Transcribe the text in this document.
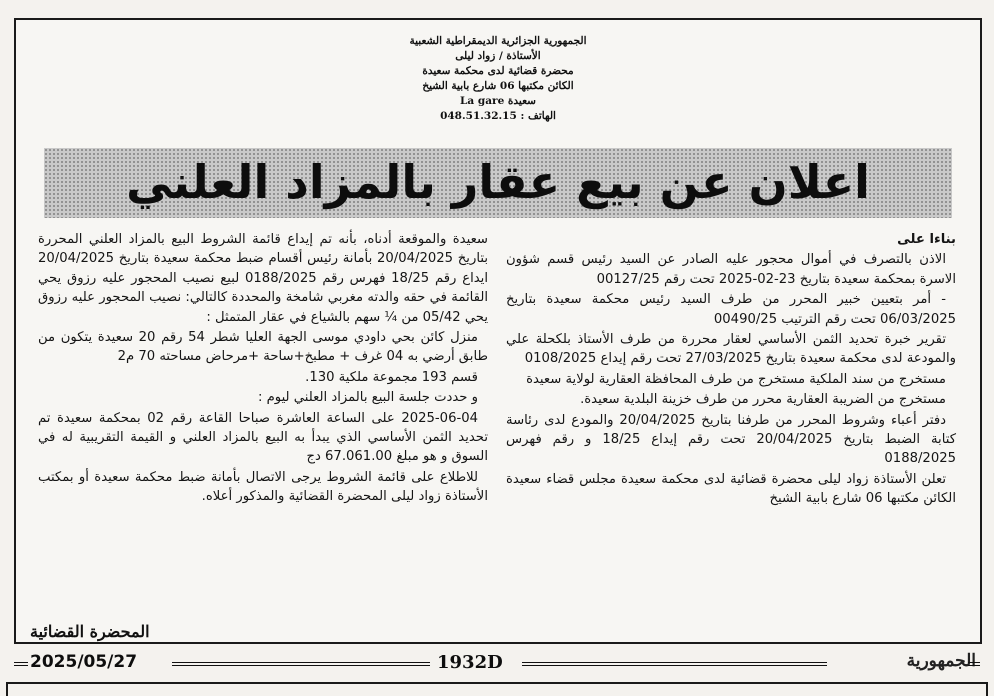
الجمهورية الجزائرية الديمقراطية الشعبية
الأستاذة / زواد ليلى
محضرة قضائية لدى محكمة سعيدة
الكائن مكتبها 06 شارع بابية الشيخ
سعيدة La gare
الهاتف : 048.51.32.15
اعلان عن بيع عقار بالمزاد العلني

بناءا على

الاذن بالتصرف في أموال محجور عليه الصادر عن السيد رئيس قسم شؤون الاسرة بمحكمة سعيدة بتاريخ 23-02-2025 تحت رقم 00127/25

- أمر بتعيين خبير المحرر من طرف السيد رئيس محكمة سعيدة بتاريخ 06/03/2025 تحت رقم الترتيب 00490/25

تقرير خبرة تحديد الثمن الأساسي لعقار محررة من طرف الأستاذ بلكحلة علي والمودعة لدى محكمة سعيدة بتاريخ 27/03/2025 تحت رقم إيداع 0108/2025

مستخرج من سند الملكية مستخرج من طرف المحافظة العقارية لولاية سعيدة

مستخرج من الضريبة العقارية محرر من طرف خزينة البلدية سعيدة.

دفتر أعباء وشروط المحرر من طرفنا بتاريخ 20/04/2025 والمودع لدى رئاسة كتابة الضبط بتاريخ 20/04/2025 تحت رقم إيداع 18/25 و رقم فهرس 0188/2025

تعلن الأستاذة زواد ليلى محضرة قضائية لدى محكمة سعيدة مجلس قضاء سعيدة الكائن مكتبها 06 شارع بابية الشيخ

سعيدة والموقعة أدناه، بأنه تم إيداع قائمة الشروط البيع بالمزاد العلني المحررة بتاريخ 20/04/2025 بأمانة رئيس أقسام ضبط محكمة سعيدة بتاريخ 20/04/2025 ايداع رقم 18/25 فهرس رقم 0188/2025 لبيع نصيب المحجور عليه رزوق يحي القائمة في حقه والدته مغربي شامخة والمحددة كالتالي: نصيب المحجور عليه رزوق يحي 05/42 من ¼ سهم بالشياع في عقار المتمثل :

منزل كائن بحي داودي موسى الجهة العليا شطر 54 رقم 20 سعيدة يتكون من طابق أرضي به 04 غرف + مطبخ+ساحة +مرحاض مساحته 70 م2

قسم 193 مجموعة ملكية 130.

و حددت جلسة البيع بالمزاد العلني ليوم :

2025-06-04 على الساعة العاشرة صباحا القاعة رقم 02 بمحكمة سعيدة تم تحديد الثمن الأساسي الذي يبدأ به البيع بالمزاد العلني و القيمة التقريبية له في السوق و هو مبلغ 67.061.00 دج

للاطلاع على قائمة الشروط يرجى الاتصال بأمانة ضبط محكمة سعيدة أو بمكتب الأستاذة زواد ليلى المحضرة القضائية والمذكور أعلاه.

المحضرة القضائية
2025/05/27	1932D	الجمهورية
